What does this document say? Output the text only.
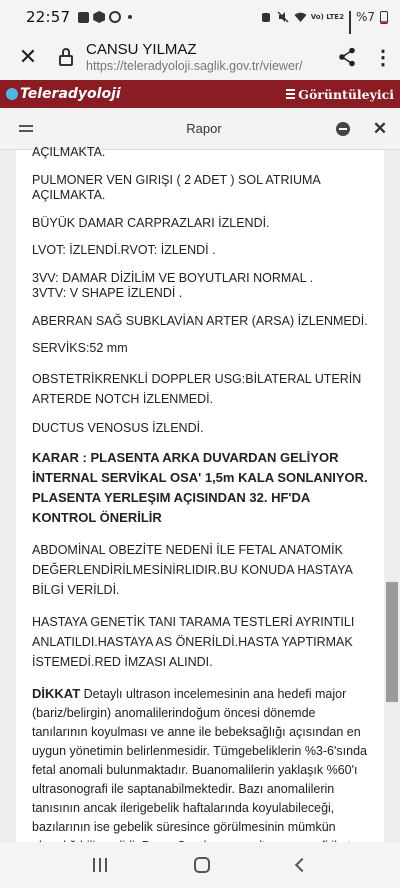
22:57	Vo) LTE2 %7
✕	CANSU YILMAZ
https://teleradyoloji.saglik.gov.tr/viewer/	⋮
Teleradyoloji	Görüntüleyici
Rapor	✕

AÇILMAKTA.

PULMONER VEN GIRIŞI ( 2 ADET ) SOL ATRIUMA AÇILMAKTA.

BÜYÜK DAMAR CARPRAZLARI İZLENDİ.

LVOT: İZLENDİ.RVOT: İZLENDİ .

3VV: DAMAR DİZİLİM VE BOYUTLARI NORMAL .
3VTV: V SHAPE İZLENDİ .

ABERRAN SAĞ SUBKLAVİAN ARTER (ARSA) İZLENMEDİ.

SERVİKS:52 mm

OBSTETRİKRENKLİ DOPPLER USG:BİLATERAL UTERİN ARTERDE NOTCH İZLENMEDİ.

DUCTUS VENOSUS İZLENDİ.

KARAR : PLASENTA ARKA DUVARDAN GELİYOR İNTERNAL SERVİKAL OSA' 1,5m KALA SONLANIYOR. PLASENTA YERLEŞIM AÇISINDAN 32. HF'DA KONTROL ÖNERİLİR

ABDOMİNAL OBEZİTE NEDENİ İLE FETAL ANATOMİK DEĞERLENDİRİLMESİNİRLIDIR.BU KONUDA HASTAYA BİLGİ VERİLDİ.

HASTAYA GENETİK TANI TARAMA TESTLERİ AYRINTILI ANLATILDI.HASTAYA AS ÖNERİLDİ.HASTA YAPTIRMAK İSTEMEDİ.RED İMZASI ALINDI.

DİKKAT Detaylı ultrason incelemesinin ana hedefi major (bariz/belirgin) anomalilerindoğum öncesi dönemde tanılarının koyulması ve anne ile bebeksağlığı açısından en uygun yönetimin belirlenmesidir. Tümgebeliklerin %3-6'sında fetal anomali bulunmaktadır. Buanomalilerin yaklaşık %60'ı ultrasonografi ile saptanabilmektedir. Bazı anomalilerin tanısının ancak ilerigebelik haftalarında koyulabileceği, bazılarının ise gebelik süresince görülmesinin mümkün
